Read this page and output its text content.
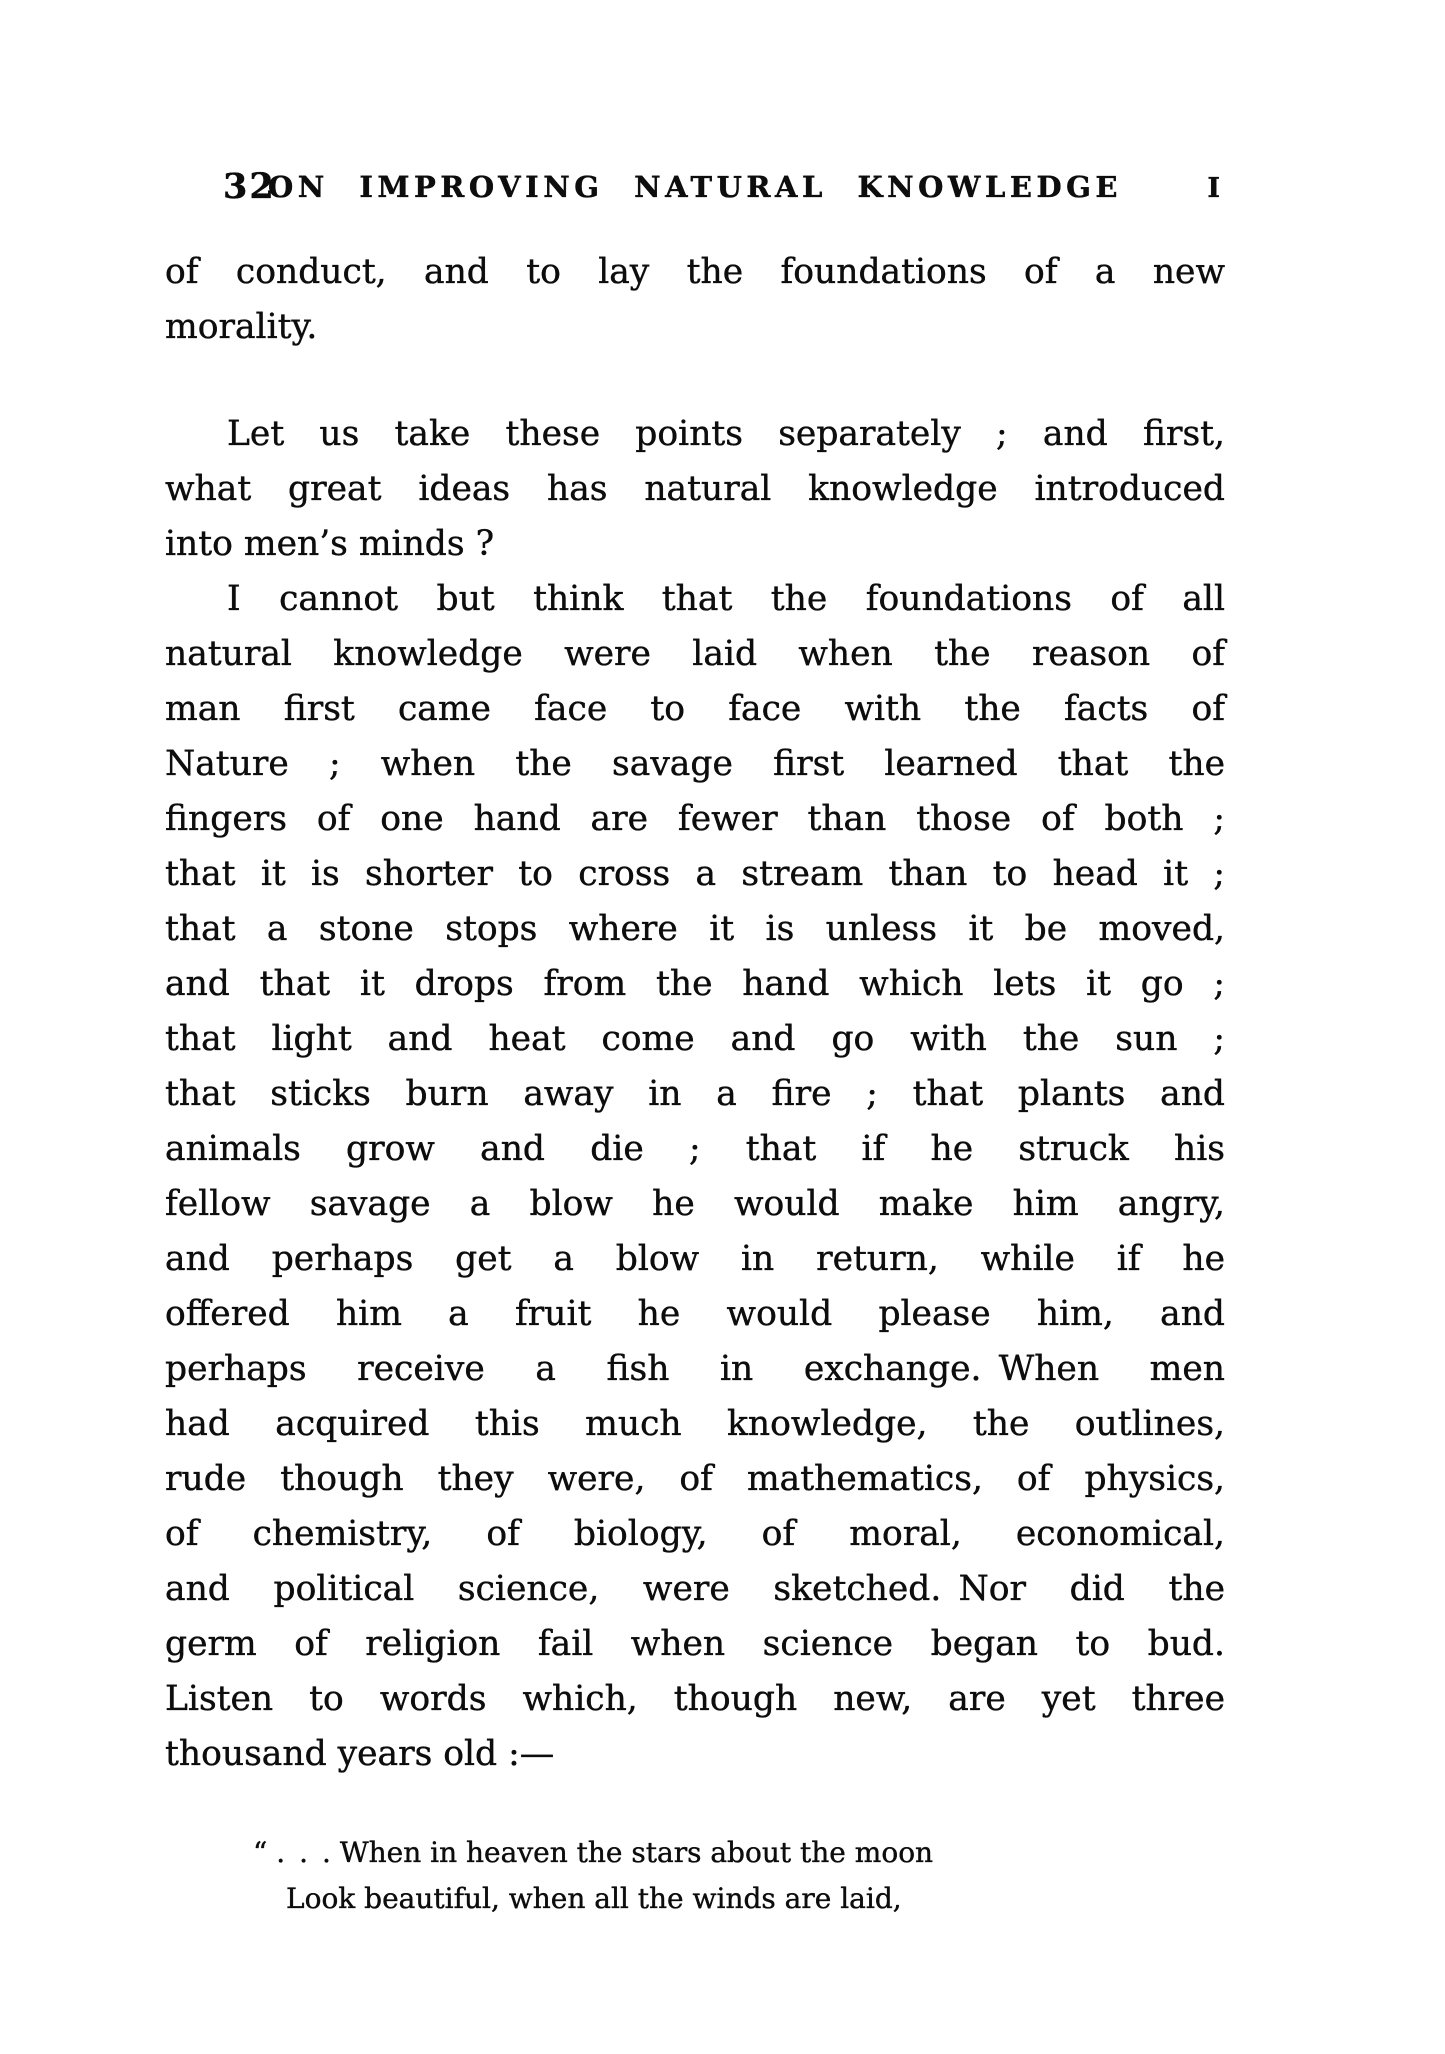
32
ON IMPROVING NATURAL KNOWLEDGE	I
of conduct, and to lay the foundations of a new
morality.
Let us take these points separately ; and first,
what great ideas has natural knowledge introduced
into men’s minds ?
I cannot but think that the foundations of all
natural knowledge were laid when the reason of
man first came face to face with the facts of
Nature ; when the savage first learned that the
fingers of one hand are fewer than those of both ;
that it is shorter to cross a stream than to head it ;
that a stone stops where it is unless it be moved,
and that it drops from the hand which lets it go ;
that light and heat come and go with the sun ;
that sticks burn away in a fire ; that plants and
animals grow and die ; that if he struck his
fellow savage a blow he would make him angry,
and perhaps get a blow in return, while if he
offered him a fruit he would please him, and
perhaps receive a fish in exchange. When men
had acquired this much knowledge, the outlines,
rude though they were, of mathematics, of physics,
of chemistry, of biology, of moral, economical,
and political science, were sketched. Nor did the
germ of religion fail when science began to bud.
Listen to words which, though new, are yet three
thousand years old :—
“ . . . When in heaven the stars about the moon
Look beautiful, when all the winds are laid,
